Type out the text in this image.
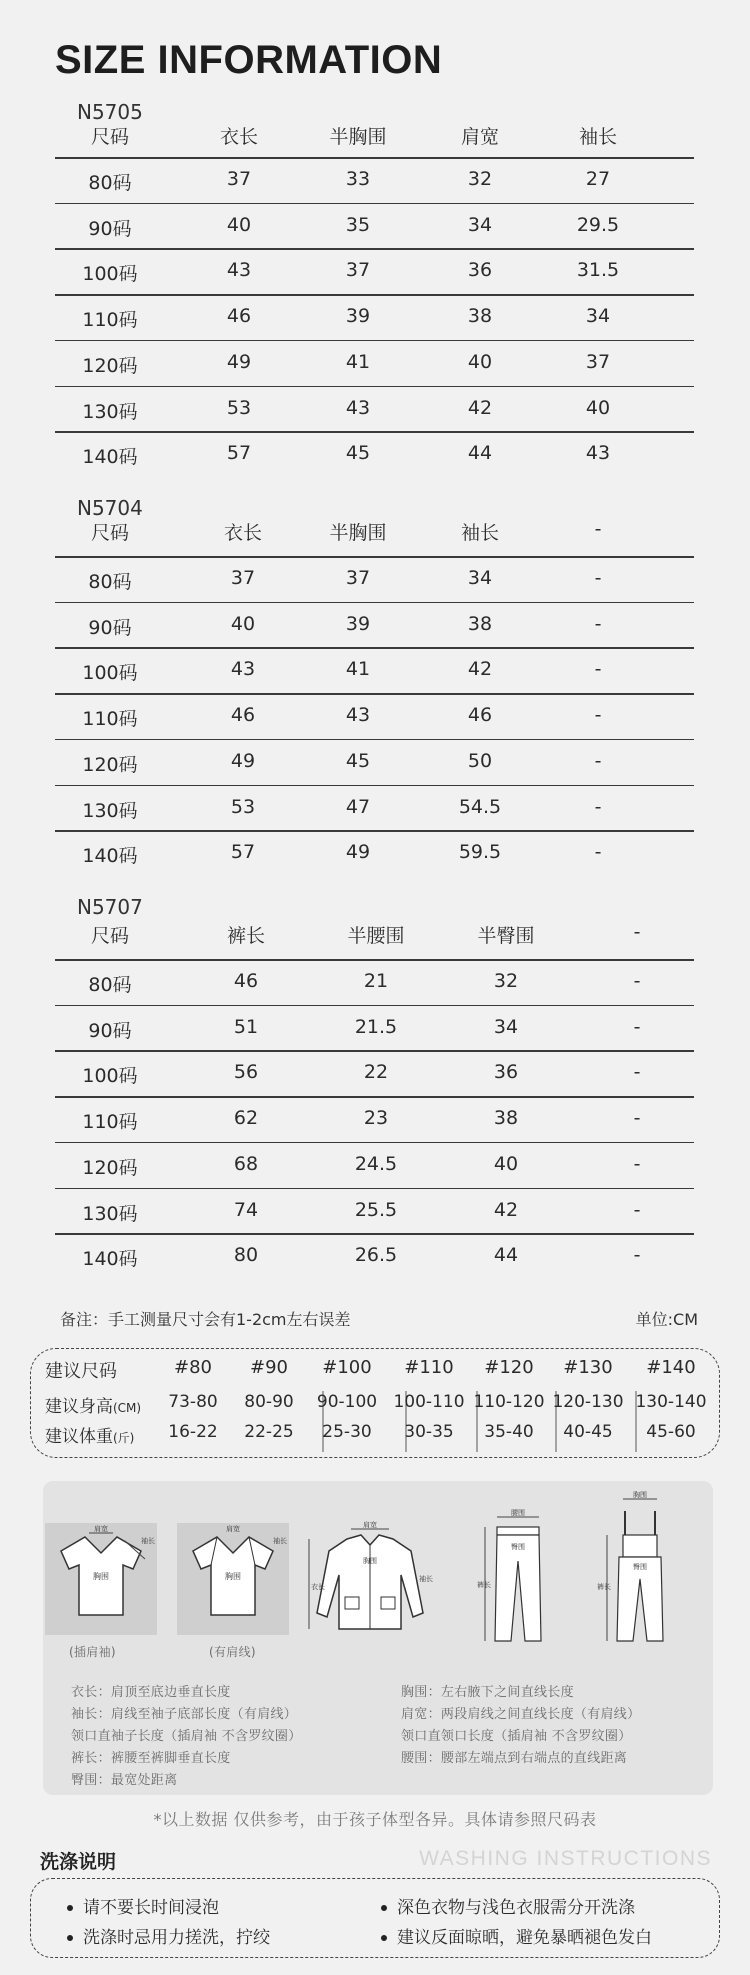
SIZE INFORMATION
N5705
尺码	衣长	半胸围	肩宽	袖长
80码	37	33	32	27
90码	40	35	34	29.5
100码	43	37	36	31.5
110码	46	39	38	34
120码	49	41	40	37
130码	53	43	42	40
140码	57	45	44	43
N5704
尺码	衣长	半胸围	袖长	-
80码	37	37	34	-
90码	40	39	38	-
100码	43	41	42	-
110码	46	43	46	-
120码	49	45	50	-
130码	53	47	54.5	-
140码	57	49	59.5	-
N5707
尺码	裤长	半腰围	半臀围	-
80码	46	21	32	-
90码	51	21.5	34	-
100码	56	22	36	-
110码	62	23	38	-
120码	68	24.5	40	-
130码	74	25.5	42	-
140码	80	26.5	44	-
备注：手工测量尺寸会有1-2cm左右误差	单位:CM
建议尺码
建议身高(CM)
建议体重(斤)
#80	#90	#100	#110	#120	#130	#140
73-80	80-90	90-100 100-110 110-120 120-130 130-140
16-22	22-25	25-30	30-35	35-40	40-45	45-60
肩宽
胸围
袖长
(插肩袖)
肩宽
胸围
袖长
(有肩线)
肩宽
胸围
衣长
袖长
腰围
臀围
裤长
胸围
臀围
裤长
衣长：肩顶至底边垂直长度
袖长：肩线至袖子底部长度（有肩线）
领口直袖子长度（插肩袖 不含罗纹圈）
裤长：裤腰至裤脚垂直长度
臀围：最宽处距离
胸围：左右腋下之间直线长度
肩宽：两段肩线之间直线长度（有肩线）
领口直领口长度（插肩袖 不含罗纹圈）
腰围：腰部左端点到右端点的直线距离
*以上数据 仅供参考，由于孩子体型各异。具体请参照尺码表
洗涤说明	WASHING INSTRUCTIONS
请不要长时间浸泡	深色衣物与浅色衣服需分开洗涤
洗涤时忌用力搓洗，拧绞	建议反面晾晒，避免暴晒褪色发白
